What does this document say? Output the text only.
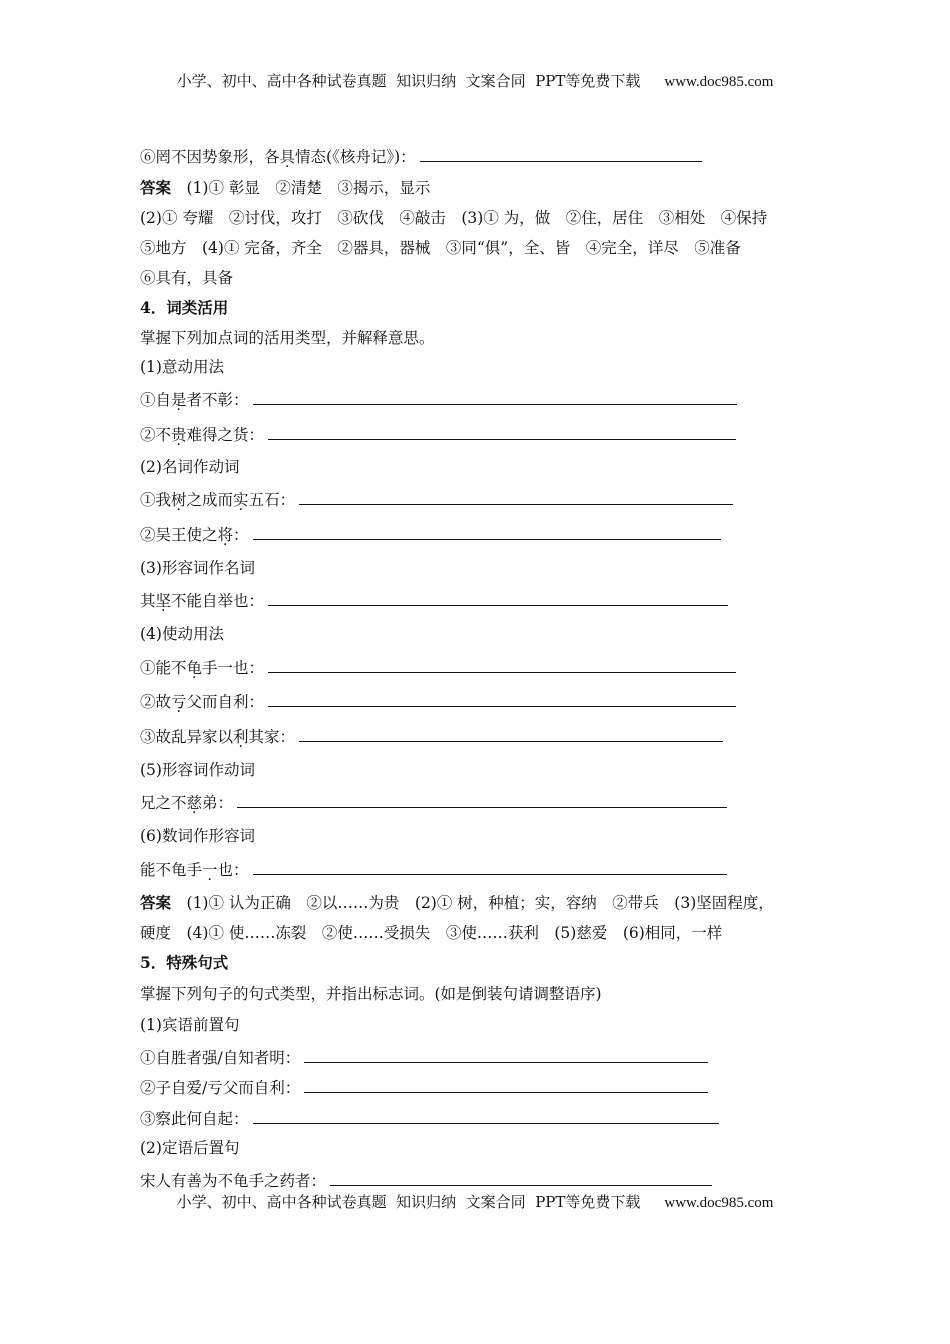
小学、初中、高中各种试卷真题  知识归纳  文案合同  PPT等免费下载 www.doc985.com
⑥罔不因势象形，各具情态(《核舟记》)：
答案  (1)① 彰显　②清楚　③揭示，显示
(2)① 夸耀　②讨伐，攻打　③砍伐　④敲击　(3)① 为，做　②住，居住　③相处　④保持
⑤地方　(4)① 完备，齐全　②器具，器械　③同“俱”，全、皆　④完全，详尽　⑤准备
⑥具有，具备
4．词类活用
掌握下列加点词的活用类型，并解释意思。
(1)意动用法
①自是者不彰：
②不贵难得之货：
(2)名词作动词
①我树之成而实五石：
②吴王使之将：
(3)形容词作名词
其坚不能自举也：
(4)使动用法
①能不龟手一也：
②故亏父而自利：
③故乱异家以利其家：
(5)形容词作动词
兄之不慈弟：
(6)数词作形容词
能不龟手一也：
答案  (1)① 认为正确　②以……为贵　(2)① 树，种植；实，容纳　②带兵　(3)坚固程度，
硬度　(4)① 使……冻裂　②使……受损失　③使……获利　(5)慈爱　(6)相同，一样
5．特殊句式
掌握下列句子的句式类型，并指出标志词。(如是倒装句请调整语序)
(1)宾语前置句
①自胜者强/自知者明：
②子自爱/亏父而自利：
③察此何自起：
(2)定语后置句
宋人有善为不龟手之药者：
小学、初中、高中各种试卷真题  知识归纳  文案合同  PPT等免费下载 www.doc985.com
